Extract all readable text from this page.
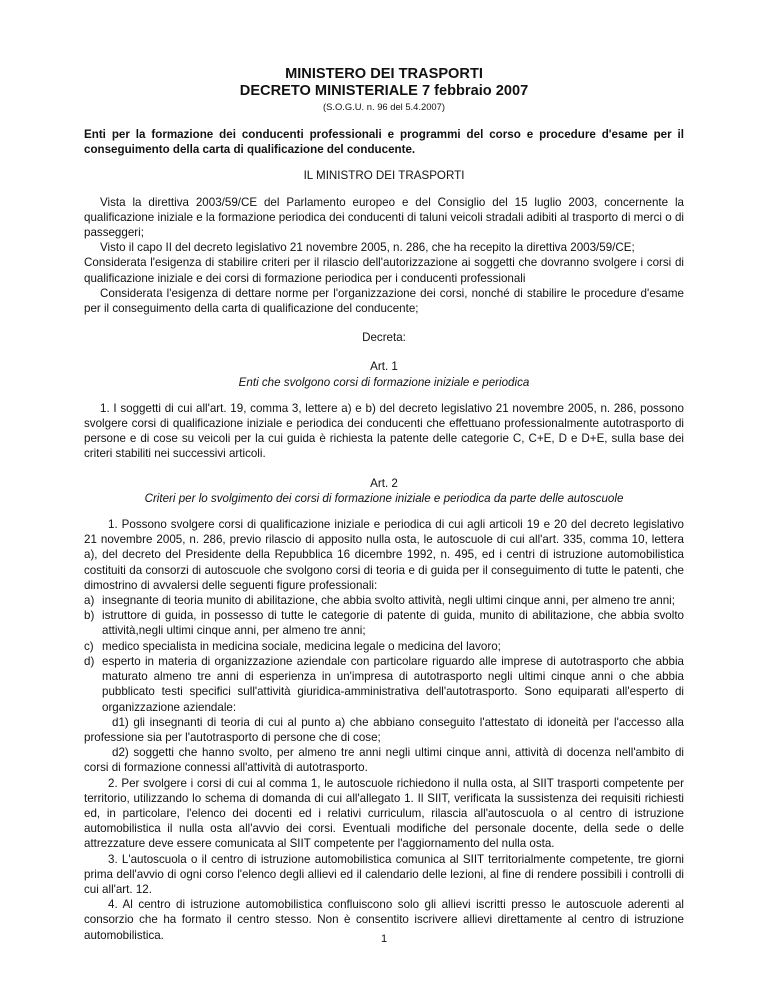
MINISTERO DEI TRASPORTI
DECRETO MINISTERIALE 7 febbraio 2007
(S.O.G.U. n. 96 del 5.4.2007)

Enti per la formazione dei conducenti professionali e programmi del corso e procedure d'esame per il conseguimento della carta di qualificazione del conducente.

IL MINISTRO DEI TRASPORTI

Vista la direttiva 2003/59/CE del Parlamento europeo e del Consiglio del 15 luglio 2003, concernente la qualificazione iniziale e la formazione periodica dei conducenti di taluni veicoli stradali adibiti al trasporto di merci o di passeggeri;

Visto il capo II del decreto legislativo 21 novembre 2005, n. 286, che ha recepito la direttiva 2003/59/CE;

Considerata l'esigenza di stabilire criteri per il rilascio dell'autorizzazione ai soggetti che dovranno svolgere i corsi di qualificazione iniziale e dei corsi di formazione periodica per i conducenti professionali

Considerata l'esigenza di dettare norme per l'organizzazione dei corsi, nonché di stabilire le procedure d'esame per il conseguimento della carta di qualificazione del conducente;

Decreta:
Art. 1
Enti che svolgono corsi di formazione iniziale e periodica

1. I soggetti di cui all'art. 19, comma 3, lettere a) e b) del decreto legislativo 21 novembre 2005, n. 286, possono svolgere corsi di qualificazione iniziale e periodica dei conducenti che effettuano professionalmente autotrasporto di persone e di cose su veicoli per la cui guida è richiesta la patente delle categorie C, C+E, D e D+E, sulla base dei criteri stabiliti nei successivi articoli.

Art. 2
Criteri per lo svolgimento dei corsi di formazione iniziale e periodica da parte delle autoscuole

1. Possono svolgere corsi di qualificazione iniziale e periodica di cui agli articoli 19 e 20 del decreto legislativo 21 novembre 2005, n. 286, previo rilascio di apposito nulla osta, le autoscuole di cui all'art. 335, comma 10, lettera a), del decreto del Presidente della Repubblica 16 dicembre 1992, n. 495, ed i centri di istruzione automobilistica costituiti da consorzi di autoscuole che svolgono corsi di teoria e di guida per il conseguimento di tutte le patenti, che dimostrino di avvalersi delle seguenti figure professionali:

a) insegnante di teoria munito di abilitazione, che abbia svolto attività, negli ultimi cinque anni, per almeno tre anni;
b) istruttore di guida, in possesso di tutte le categorie di patente di guida, munito di abilitazione, che abbia svolto attività,negli ultimi cinque anni, per almeno tre anni;
c) medico specialista in medicina sociale, medicina legale o medicina del lavoro;
d) esperto in materia di organizzazione aziendale con particolare riguardo alle imprese di autotrasporto che abbia maturato almeno tre anni di esperienza in un'impresa di autotrasporto negli ultimi cinque anni o che abbia pubblicato testi specifici sull'attività giuridica-amministrativa dell'autotrasporto. Sono equiparati all'esperto di organizzazione aziendale:

d1) gli insegnanti di teoria di cui al punto a) che abbiano conseguito l'attestato di idoneità per l'accesso alla professione sia per l'autotrasporto di persone che di cose;

d2) soggetti che hanno svolto, per almeno tre anni negli ultimi cinque anni, attività di docenza nell'ambito di corsi di formazione connessi all'attività di autotrasporto.

2. Per svolgere i corsi di cui al comma 1, le autoscuole richiedono il nulla osta, al SIIT trasporti competente per territorio, utilizzando lo schema di domanda di cui all'allegato 1. Il SIIT, verificata la sussistenza dei requisiti richiesti ed, in particolare, l'elenco dei docenti ed i relativi curriculum, rilascia all'autoscuola o al centro di istruzione automobilistica il nulla osta all'avvio dei corsi. Eventuali modifiche del personale docente, della sede o delle attrezzature deve essere comunicata al SIIT competente per l'aggiornamento del nulla osta.

3. L'autoscuola o il centro di istruzione automobilistica comunica al SIIT territorialmente competente, tre giorni prima dell'avvio di ogni corso l'elenco degli allievi ed il calendario delle lezioni, al fine di rendere possibili i controlli di cui all'art. 12.

4. Al centro di istruzione automobilistica confluiscono solo gli allievi iscritti presso le autoscuole aderenti al consorzio che ha formato il centro stesso. Non è consentito iscrivere allievi direttamente al centro di istruzione automobilistica.	1
